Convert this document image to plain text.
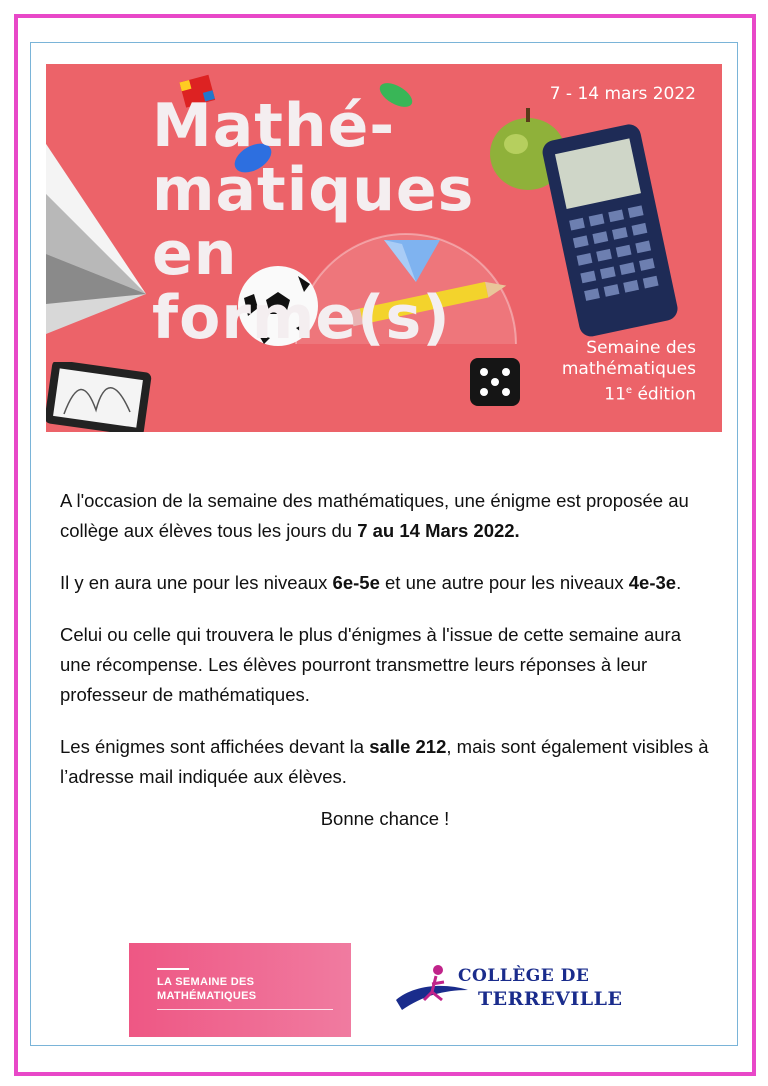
Mathé-
matiques
en
forme(s)
7 - 14 mars 2022
Semaine des
mathématiques
11e édition

A l'occasion de la semaine des mathématiques, une énigme est proposée au collège aux élèves tous les jours du 7 au 14 Mars 2022.

Il y en aura une pour les niveaux 6e-5e et une autre pour les niveaux 4e-3e.

Celui ou celle qui trouvera le plus d'énigmes à l'issue de cette semaine aura une récompense. Les élèves pourront transmettre leurs réponses à leur professeur de mathématiques.

Les énigmes sont affichées devant la salle 212, mais sont également visibles à l’adresse mail indiquée aux élèves.

Bonne chance !

LA SEMAINE DES
MATHÉMATIQUES
COLLÈGE DE
TERREVILLE
